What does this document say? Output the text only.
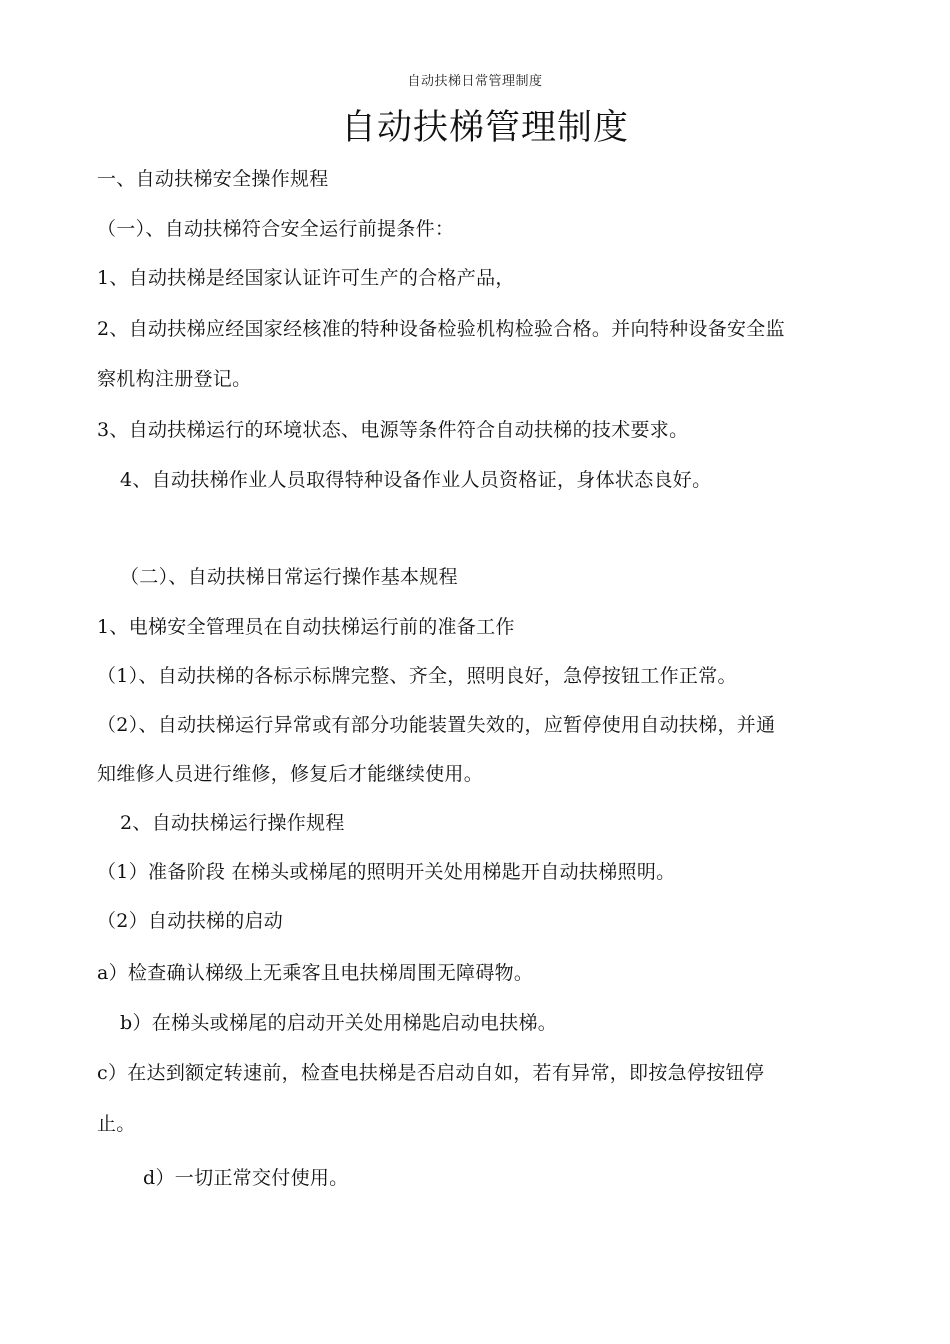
自动扶梯日常管理制度
自动扶梯管理制度
一、自动扶梯安全操作规程
（一）、自动扶梯符合安全运行前提条件：
1、自动扶梯是经国家认证许可生产的合格产品，
2、自动扶梯应经国家经核准的特种设备检验机构检验合格。并向特种设备安全监
察机构注册登记。
3、自动扶梯运行的环境状态、电源等条件符合自动扶梯的技术要求。
4、自动扶梯作业人员取得特种设备作业人员资格证，身体状态良好。
（二）、自动扶梯日常运行操作基本规程
1、电梯安全管理员在自动扶梯运行前的准备工作
（1）、自动扶梯的各标示标牌完整、齐全，照明良好，急停按钮工作正常。
（2）、自动扶梯运行异常或有部分功能装置失效的，应暂停使用自动扶梯，并通
知维修人员进行维修，修复后才能继续使用。
2、自动扶梯运行操作规程
（1）准备阶段 在梯头或梯尾的照明开关处用梯匙开自动扶梯照明。
（2）自动扶梯的启动
a）检查确认梯级上无乘客且电扶梯周围无障碍物。
b）在梯头或梯尾的启动开关处用梯匙启动电扶梯。
c）在达到额定转速前，检查电扶梯是否启动自如，若有异常，即按急停按钮停
止。
d）一切正常交付使用。
